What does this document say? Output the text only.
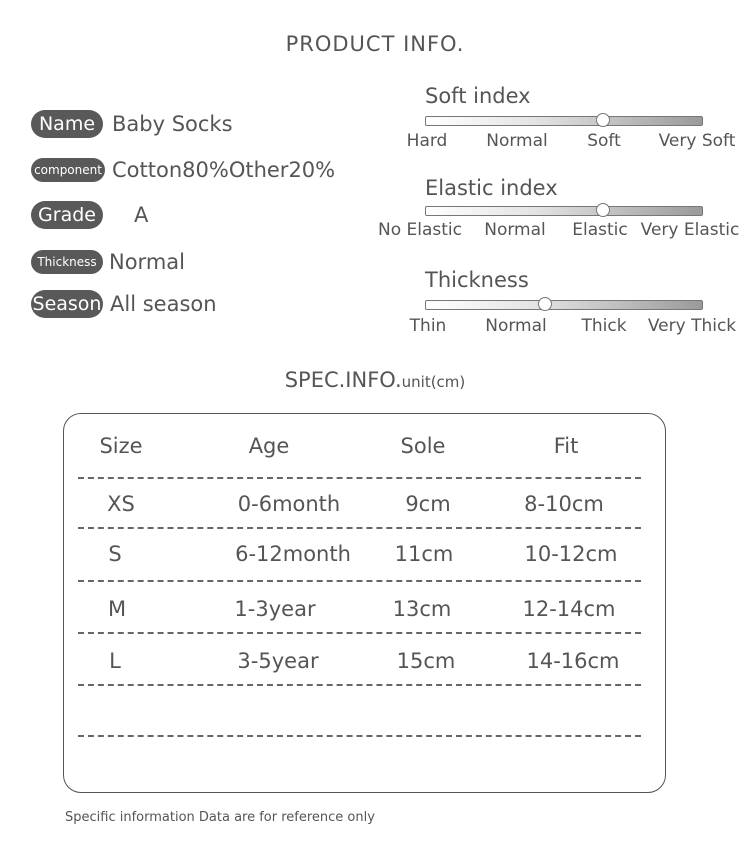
PRODUCT INFO.
Name Baby Socks
component Cotton80%Other20%
Grade	A
Thickness Normal
Season All season
Soft index
Hard Normal Soft Very Soft
Elastic index
No Elastic Normal Elastic Very Elastic
Thickness
Thin Normal Thick Very Thick
SPEC.INFO.unit(cm)
Size	Age	Sole	Fit
XS	0-6month	9cm	8-10cm
S	6-12month 11cm	10-12cm
M	1-3year	13cm	12-14cm
L	3-5year	15cm	14-16cm
Specific information Data are for reference only
